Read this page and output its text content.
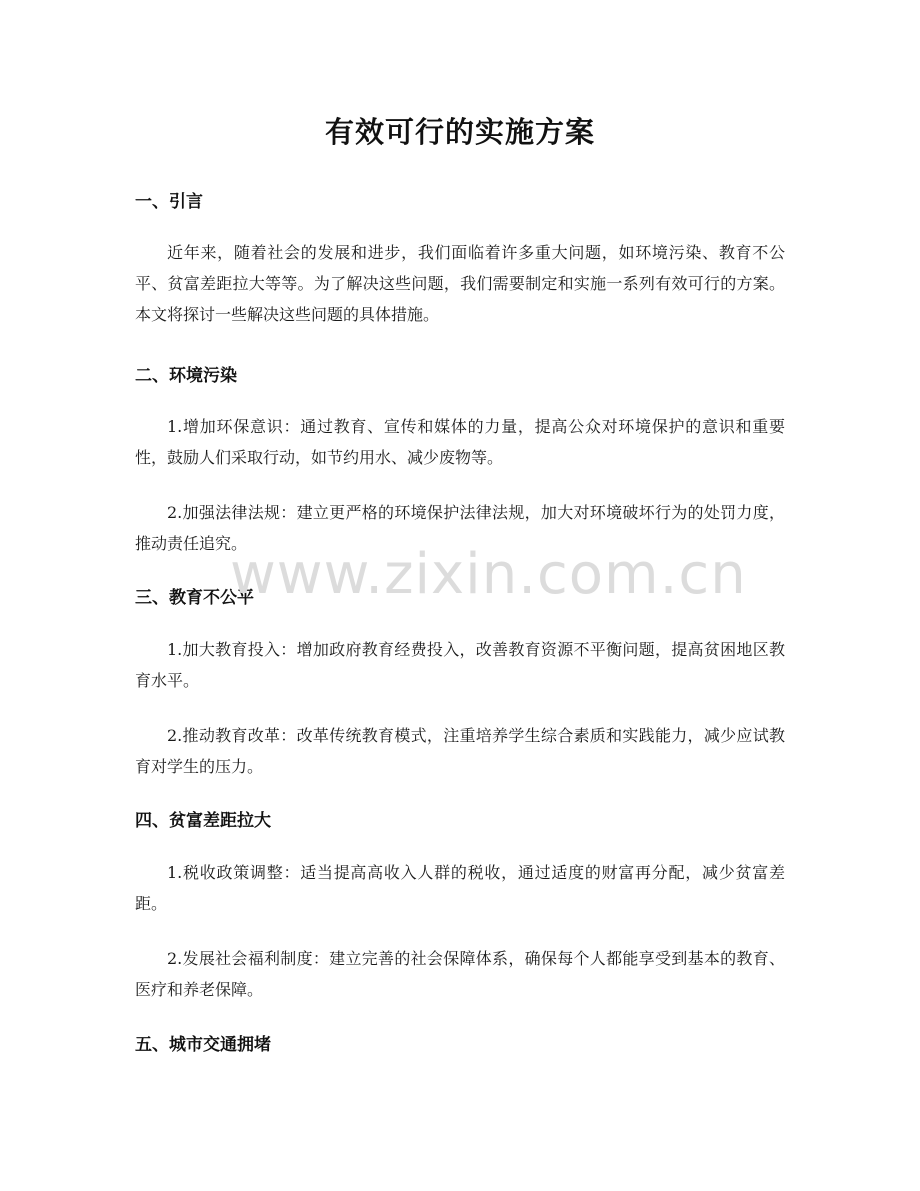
有效可行的实施方案
一、引言
近年来，随着社会的发展和进步，我们面临着许多重大问题，如环境污染、教育不公平、贫富差距拉大等等。为了解决这些问题，我们需要制定和实施一系列有效可行的方案。本文将探讨一些解决这些问题的具体措施。
二、环境污染
1.增加环保意识：通过教育、宣传和媒体的力量，提高公众对环境保护的意识和重要性，鼓励人们采取行动，如节约用水、减少废物等。
2.加强法律法规：建立更严格的环境保护法律法规，加大对环境破坏行为的处罚力度，推动责任追究。
三、教育不公平
1.加大教育投入：增加政府教育经费投入，改善教育资源不平衡问题，提高贫困地区教育水平。
2.推动教育改革：改革传统教育模式，注重培养学生综合素质和实践能力，减少应试教育对学生的压力。
四、贫富差距拉大
1.税收政策调整：适当提高高收入人群的税收，通过适度的财富再分配，减少贫富差距。
2.发展社会福利制度：建立完善的社会保障体系，确保每个人都能享受到基本的教育、医疗和养老保障。
五、城市交通拥堵
www.zixin.com.cn
